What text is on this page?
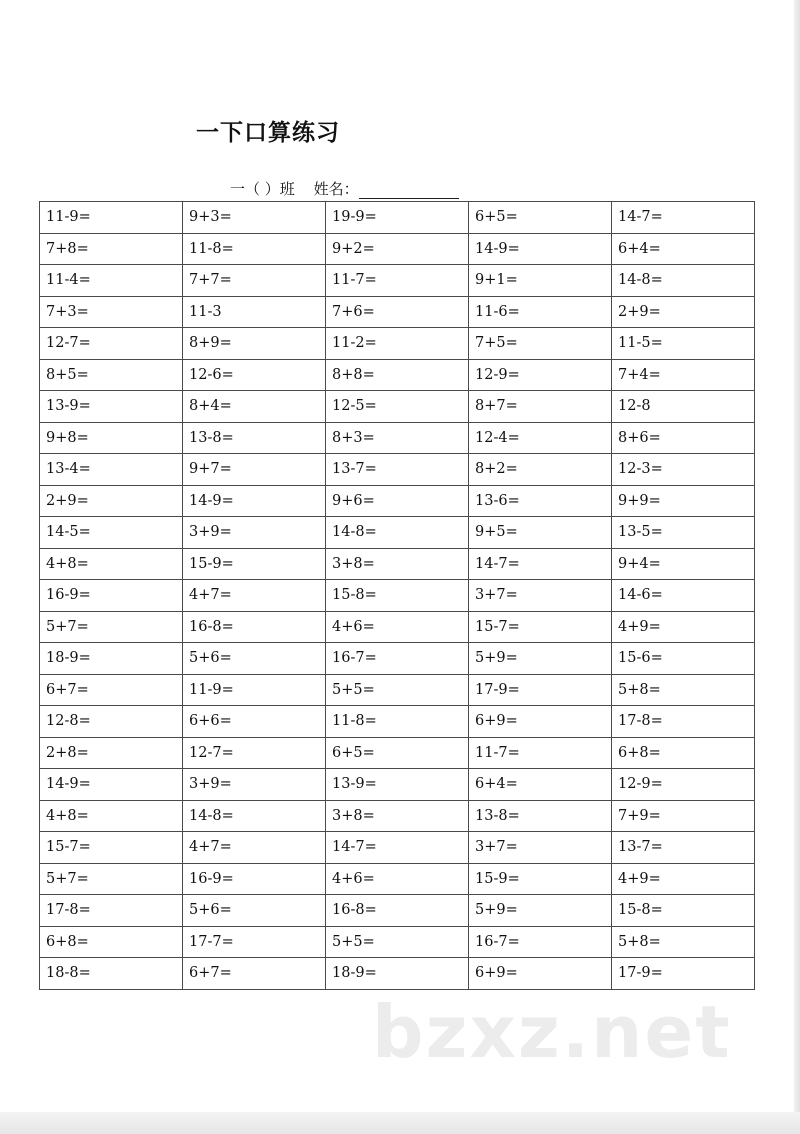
一下口算练习
一（ ）班 姓名：
11-9=	9+3=	19-9=	6+5=	14-7=
7+8=	11-8=	9+2=	14-9=	6+4=
11-4=	7+7=	11-7=	9+1=	14-8=
7+3=	11-3	7+6=	11-6=	2+9=
12-7=	8+9=	11-2=	7+5=	11-5=
8+5=	12-6=	8+8=	12-9=	7+4=
13-9=	8+4=	12-5=	8+7=	12-8
9+8=	13-8=	8+3=	12-4=	8+6=
13-4=	9+7=	13-7=	8+2=	12-3=
2+9=	14-9=	9+6=	13-6=	9+9=
14-5=	3+9=	14-8=	9+5=	13-5=
4+8=	15-9=	3+8=	14-7=	9+4=
16-9=	4+7=	15-8=	3+7=	14-6=
5+7=	16-8=	4+6=	15-7=	4+9=
18-9=	5+6=	16-7=	5+9=	15-6=
6+7=	11-9=	5+5=	17-9=	5+8=
12-8=	6+6=	11-8=	6+9=	17-8=
2+8=	12-7=	6+5=	11-7=	6+8=
14-9=	3+9=	13-9=	6+4=	12-9=
4+8=	14-8=	3+8=	13-8=	7+9=
15-7=	4+7=	14-7=	3+7=	13-7=
5+7=	16-9=	4+6=	15-9=	4+9=
17-8=	5+6=	16-8=	5+9=	15-8=
6+8=	17-7=	5+5=	16-7=	5+8=
18-8=	6+7=	18-9=	6+9=	17-9=
bzxz.net
